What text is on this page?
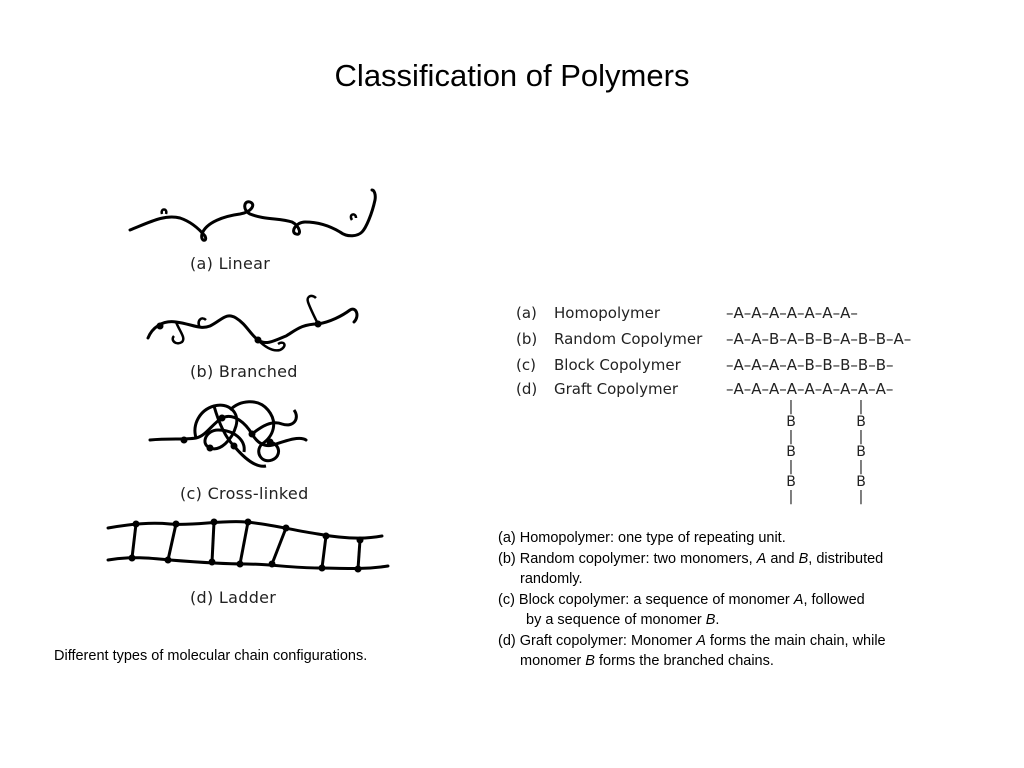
Classification of Polymers
(a) Linear
(b) Branched
(c) Cross-linked
(d) Ladder
Different types of molecular chain configurations.
(a) Homopolymer	–A–A–A–A–A–A–A–
(b) Random Copolymer –A–A–B–A–B–B–A–B–B–A–
(c) Block Copolymer	–A–A–A–A–B–B–B–B–B–
(d) Graft Copolymer	–A–A–A–A–A–A–A–A–A–
|
B
|
B
|
B
|
|
B
|
B
|
B
|
(a) Homopolymer: one type of repeating unit.
(b) Random copolymer: two monomers, A and B, distributed
randomly.
(c) Block copolymer: a sequence of monomer A, followed
by a sequence of monomer B.
(d) Graft copolymer: Monomer A forms the main chain, while
monomer B forms the branched chains.
